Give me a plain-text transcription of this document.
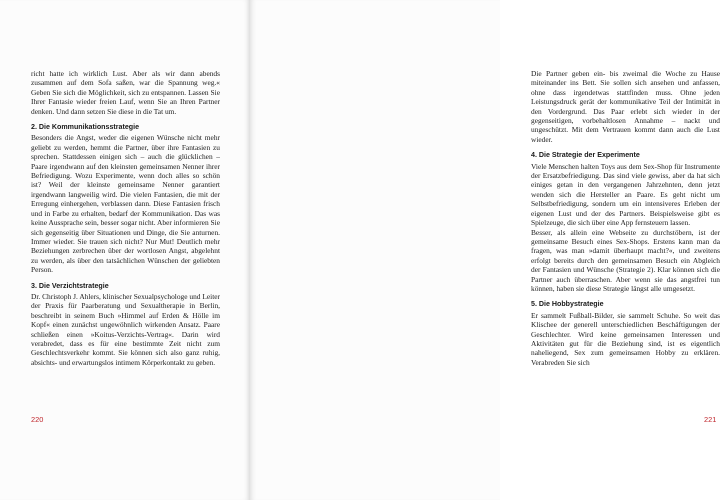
richt hatte ich wirklich Lust. Aber als wir dann abends zusammen auf dem Sofa saßen, war die Spannung weg.« Geben Sie sich die Möglichkeit, sich zu entspannen. Lassen Sie Ihrer Fantasie wieder freien Lauf, wenn Sie an Ihren Partner denken. Und dann setzen Sie diese in die Tat um.

2. Die Kommunikationsstrategie

Besonders die Angst, weder die eigenen Wünsche nicht mehr geliebt zu werden, hemmt die Partner, über ihre Fantasien zu sprechen. Stattdessen einigen sich – auch die glücklichen – Paare irgendwann auf den kleinsten gemeinsamen Nenner ihrer Befriedigung. Wozu Experimente, wenn doch alles so schön ist? Weil der kleinste gemeinsame Nenner garantiert irgendwann langweilig wird. Die vielen Fantasien, die mit der Erregung einhergehen, verblassen dann. Diese Fantasien frisch und in Farbe zu erhalten, bedarf der Kommunikation. Das was keine Aussprache sein, besser sogar nicht. Aber informieren Sie sich gegenseitig über Situationen und Dinge, die Sie anturnen. Immer wieder. Sie trauen sich nicht? Nur Mut! Deutlich mehr Beziehungen zerbrechen über der wortlosen Angst, abgelehnt zu werden, als über den tatsächlichen Wünschen der geliebten Person.

3. Die Verzichtstrategie

Dr. Christoph J. Ahlers, klinischer Sexualpsychologe und Leiter der Praxis für Paarberatung und Sexualtherapie in Berlin, beschreibt in seinem Buch »Himmel auf Erden & Hölle im Kopf« einen zunächst ungewöhnlich wirkenden Ansatz. Paare schließen einen »Koitus-Verzichts-Vertrag«. Darin wird verabredet, dass es für eine bestimmte Zeit nicht zum Geschlechtsverkehr kommt. Sie können sich also ganz ruhig, absichts- und erwartungslos intimem Körperkontakt zu geben.

220

Die Partner geben ein- bis zweimal die Woche zu Hause miteinander ins Bett. Sie sollen sich ansehen und anfassen, ohne dass irgendetwas stattfinden muss. Ohne jeden Leistungsdruck gerät der kommunikative Teil der Intimität in den Vordergrund. Das Paar erlebt sich wieder in der gegenseitigen, vorbehaltlosen Annahme – nackt und ungeschützt. Mit dem Vertrauen kommt dann auch die Lust wieder.

4. Die Strategie der Experimente

Viele Menschen halten Toys aus dem Sex-Shop für Instrumente der Ersatzbefriedigung. Das sind viele gewiss, aber da hat sich einiges getan in den vergangenen Jahrzehnten, denn jetzt wenden sich die Hersteller an Paare. Es geht nicht um Selbstbefriedigung, sondern um ein intensiveres Erleben der eigenen Lust und der des Partners. Beispielsweise gibt es Spielzeuge, die sich über eine App fernsteuern lassen.

Besser, als allein eine Webseite zu durchstöbern, ist der gemeinsame Besuch eines Sex-Shops. Erstens kann man da fragen, was man »damit überhaupt macht?«, und zweitens erfolgt bereits durch den gemeinsamen Besuch ein Abgleich der Fantasien und Wünsche (Strategie 2). Klar können sich die Partner auch überraschen. Aber wenn sie das angstfrei tun können, haben sie diese Strategie längst alle umgesetzt.

5. Die Hobbystrategie

Er sammelt Fußball-Bilder, sie sammelt Schuhe. So weit das Klischee der generell unterschiedlichen Beschäftigungen der Geschlechter. Wird keine gemeinsamen Interessen und Aktivitäten gut für die Beziehung sind, ist es eigentlich naheliegend, Sex zum gemeinsamen Hobby zu erklären. Verabreden Sie sich

221
